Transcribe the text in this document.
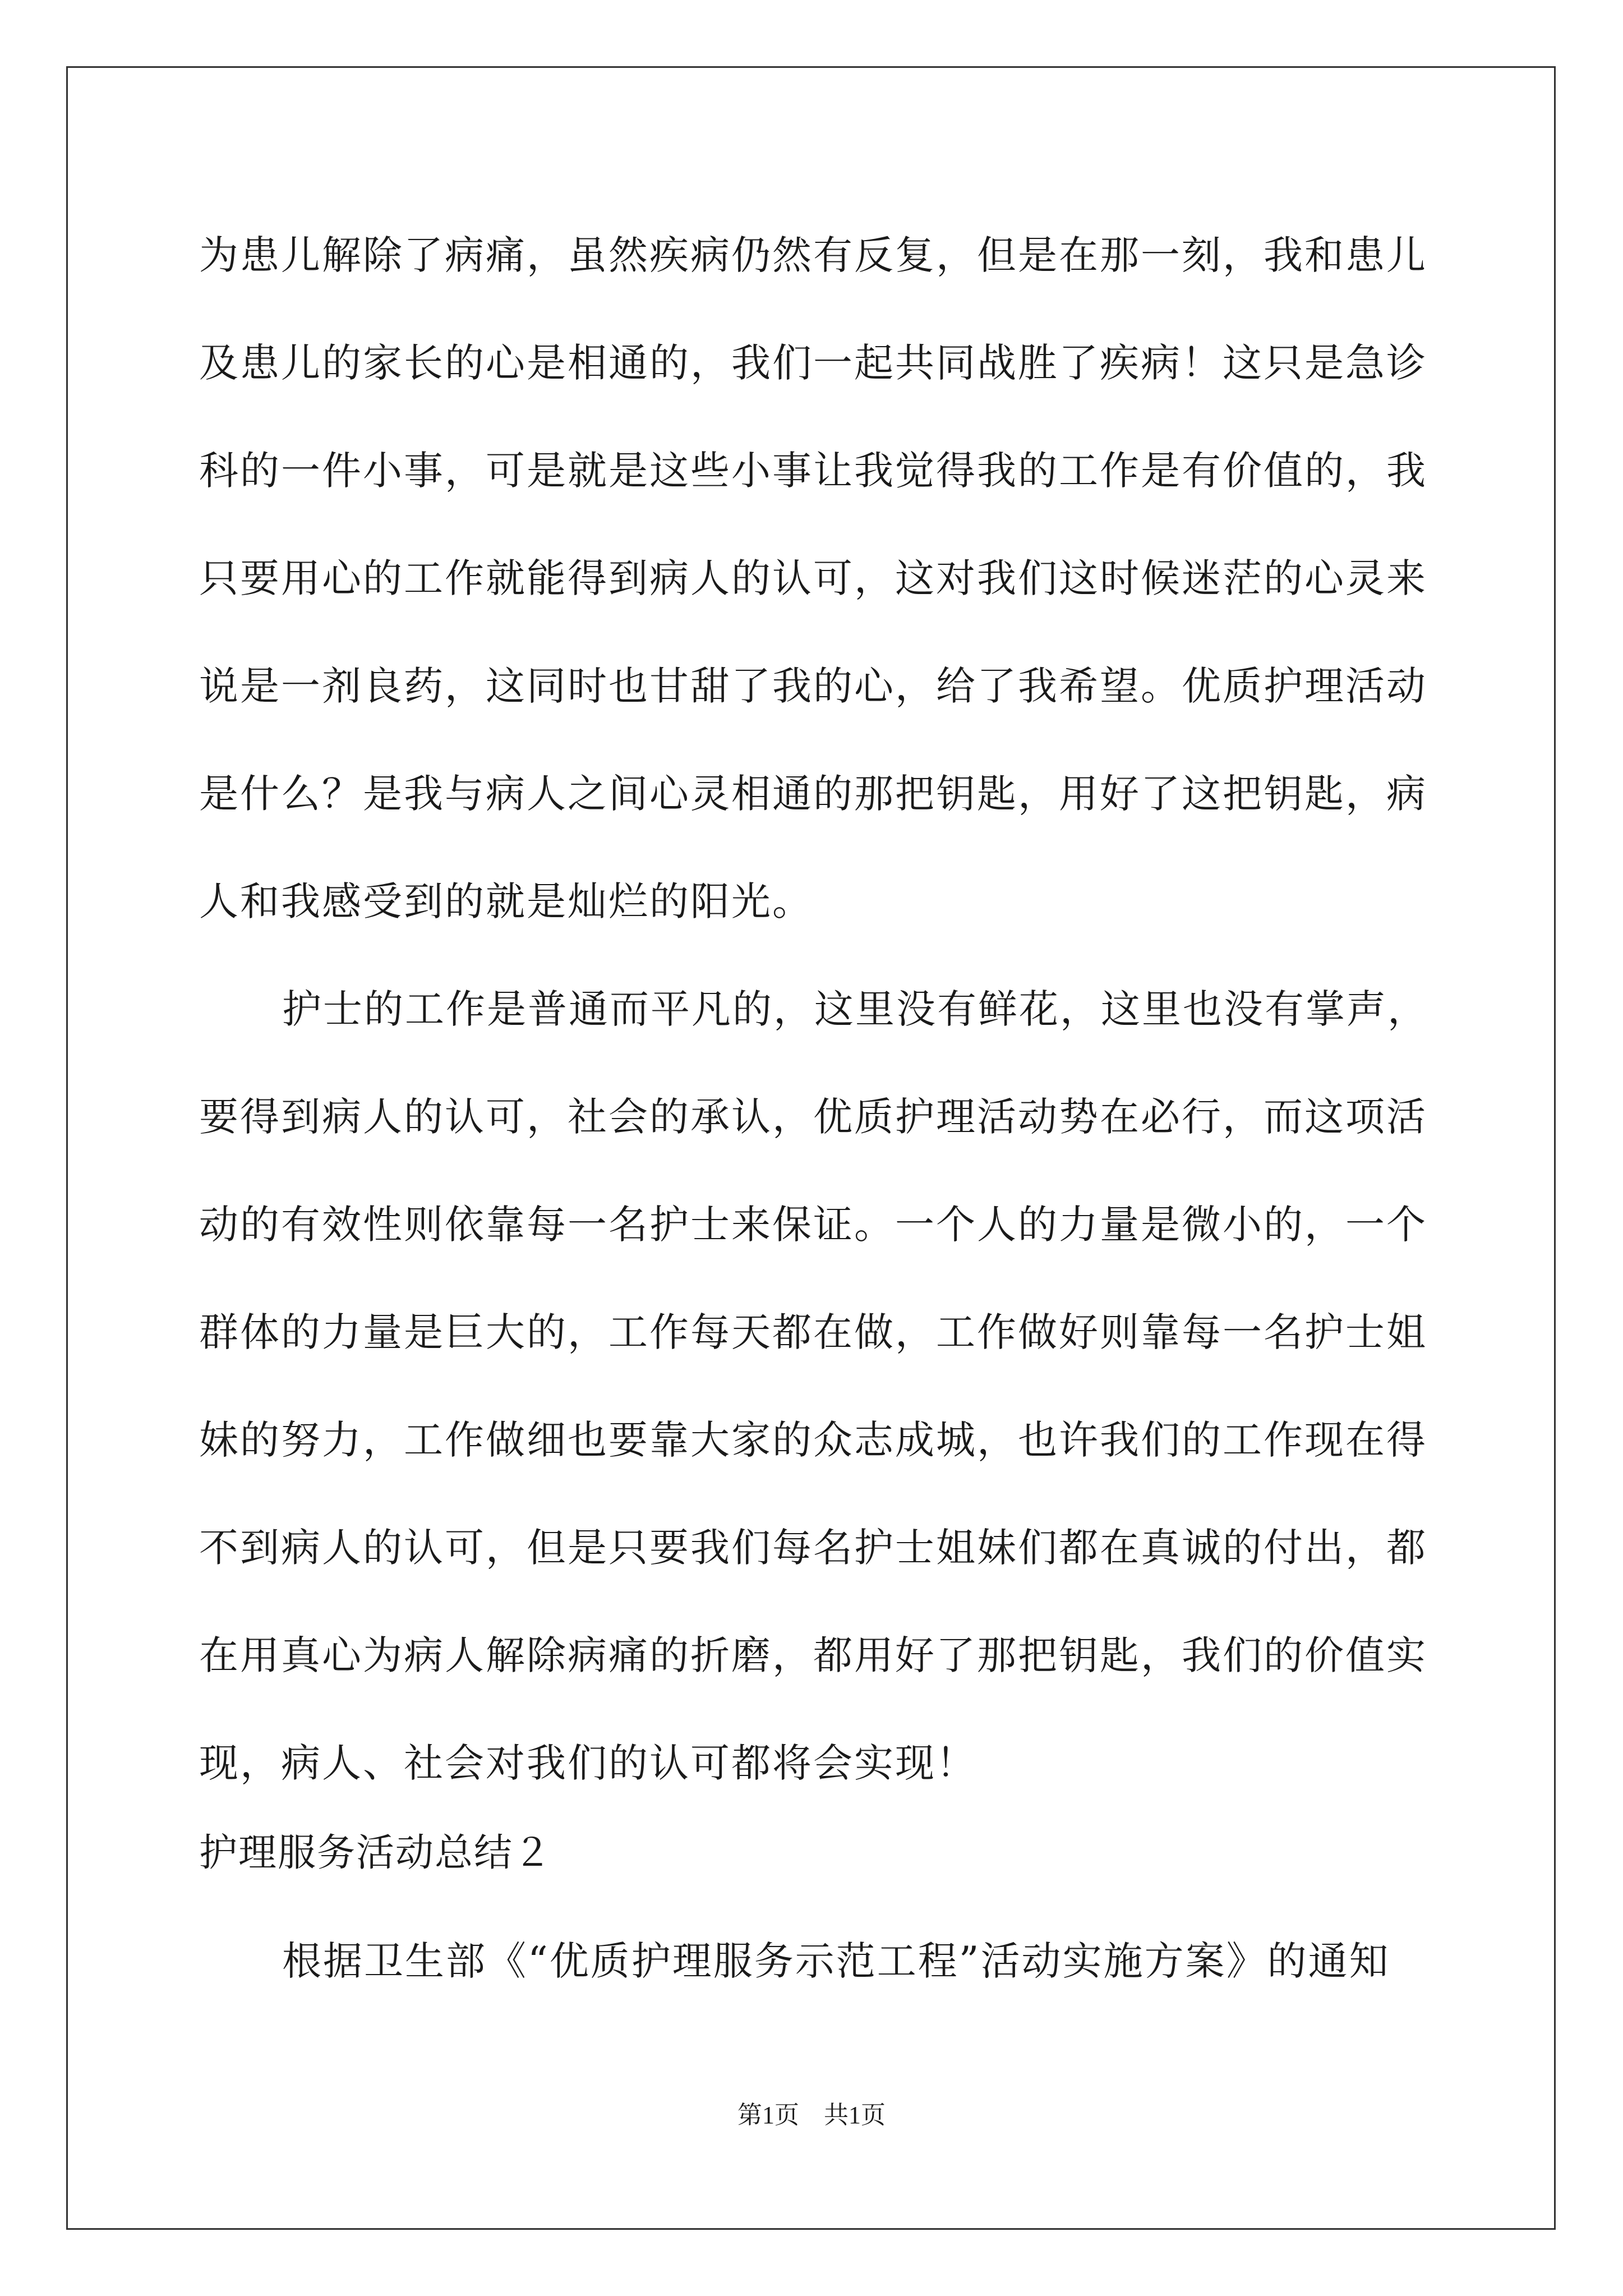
为患儿解除了病痛，虽然疾病仍然有反复，但是在那一刻，我和患儿
及患儿的家长的心是相通的，我们一起共同战胜了疾病！这只是急诊
科的一件小事，可是就是这些小事让我觉得我的工作是有价值的，我
只要用心的工作就能得到病人的认可，这对我们这时候迷茫的心灵来
说是一剂良药，这同时也甘甜了我的心，给了我希望。优质护理活动
是什么？是我与病人之间心灵相通的那把钥匙，用好了这把钥匙，病
人和我感受到的就是灿烂的阳光。
护士的工作是普通而平凡的，这里没有鲜花，这里也没有掌声，
要得到病人的认可，社会的承认，优质护理活动势在必行，而这项活
动的有效性则依靠每一名护士来保证。一个人的力量是微小的，一个
群体的力量是巨大的，工作每天都在做，工作做好则靠每一名护士姐
妹的努力，工作做细也要靠大家的众志成城，也许我们的工作现在得
不到病人的认可，但是只要我们每名护士姐妹们都在真诚的付出，都
在用真心为病人解除病痛的折磨，都用好了那把钥匙，我们的价值实
现，病人、社会对我们的认可都将会实现！
护理服务活动总结２
根据卫生部《“优质护理服务示范工程”活动实施方案》的通知
第1页　共1页
